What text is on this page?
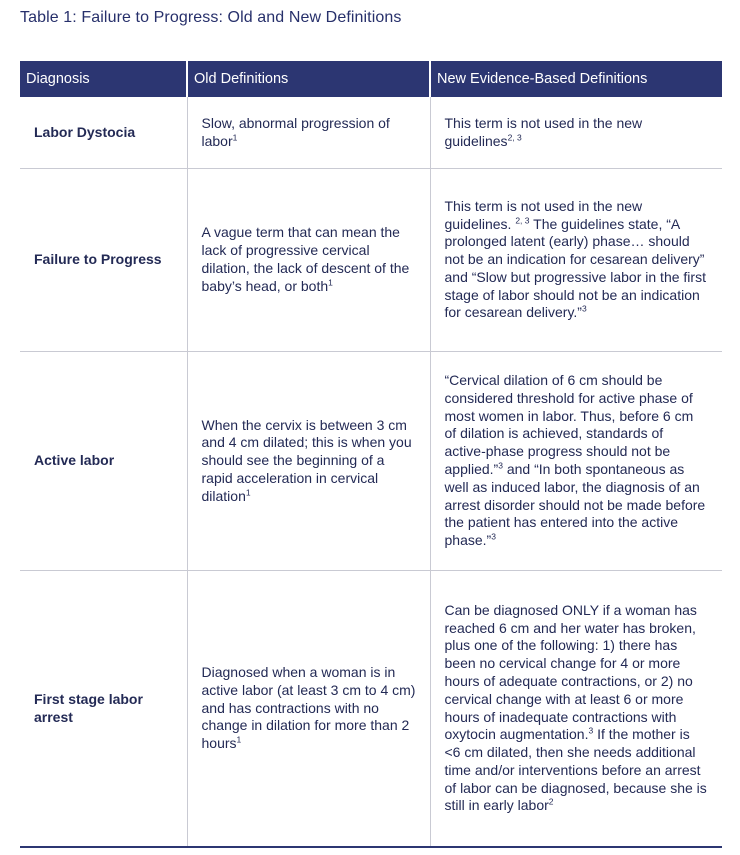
Table 1: Failure to Progress: Old and New Definitions
Diagnosis	Old Definitions	New Evidence-Based Definitions
Labor Dystocia	Slow, abnormal progression of labor$^1$	This term is not used in the new guidelines$^{2, 3}$
Failure to Progress	A vague term that can mean the lack of progressive cervical dilation, the lack of descent of the baby’s head, or both$^1$	This term is not used in the new guidelines. $^{2, 3}$ The guidelines state, “A prolonged latent (early) phase… should not be an indication for cesarean delivery” and “Slow but progressive labor in the first stage of labor should not be an indication for cesarean delivery.”$^3$
Active labor	When the cervix is between 3 cm and 4 cm dilated; this is when you should see the beginning of a rapid acceleration in cervical dilation$^1$	“Cervical dilation of 6 cm should be considered threshold for active phase of most women in labor. Thus, before 6 cm of dilation is achieved, standards of active-phase progress should not be applied.”$^3$ and “In both spontaneous as well as induced labor, the diagnosis of an arrest disorder should not be made before the patient has entered into the active phase.”$^3$
First stage labor arrest	Diagnosed when a woman is in active labor (at least 3 cm to 4 cm) and has contractions with no change in dilation for more than 2 hours$^1$	Can be diagnosed ONLY if a woman has reached 6 cm and her water has broken, plus one of the following: 1) there has been no cervical change for 4 or more hours of adequate contractions, or 2) no cervical change with at least 6 or more hours of inadequate contractions with oxytocin augmentation.$^3$ If the mother is <6 cm dilated, then she needs additional time and/or interventions before an arrest of labor can be diagnosed, because she is still in early labor$^2$
